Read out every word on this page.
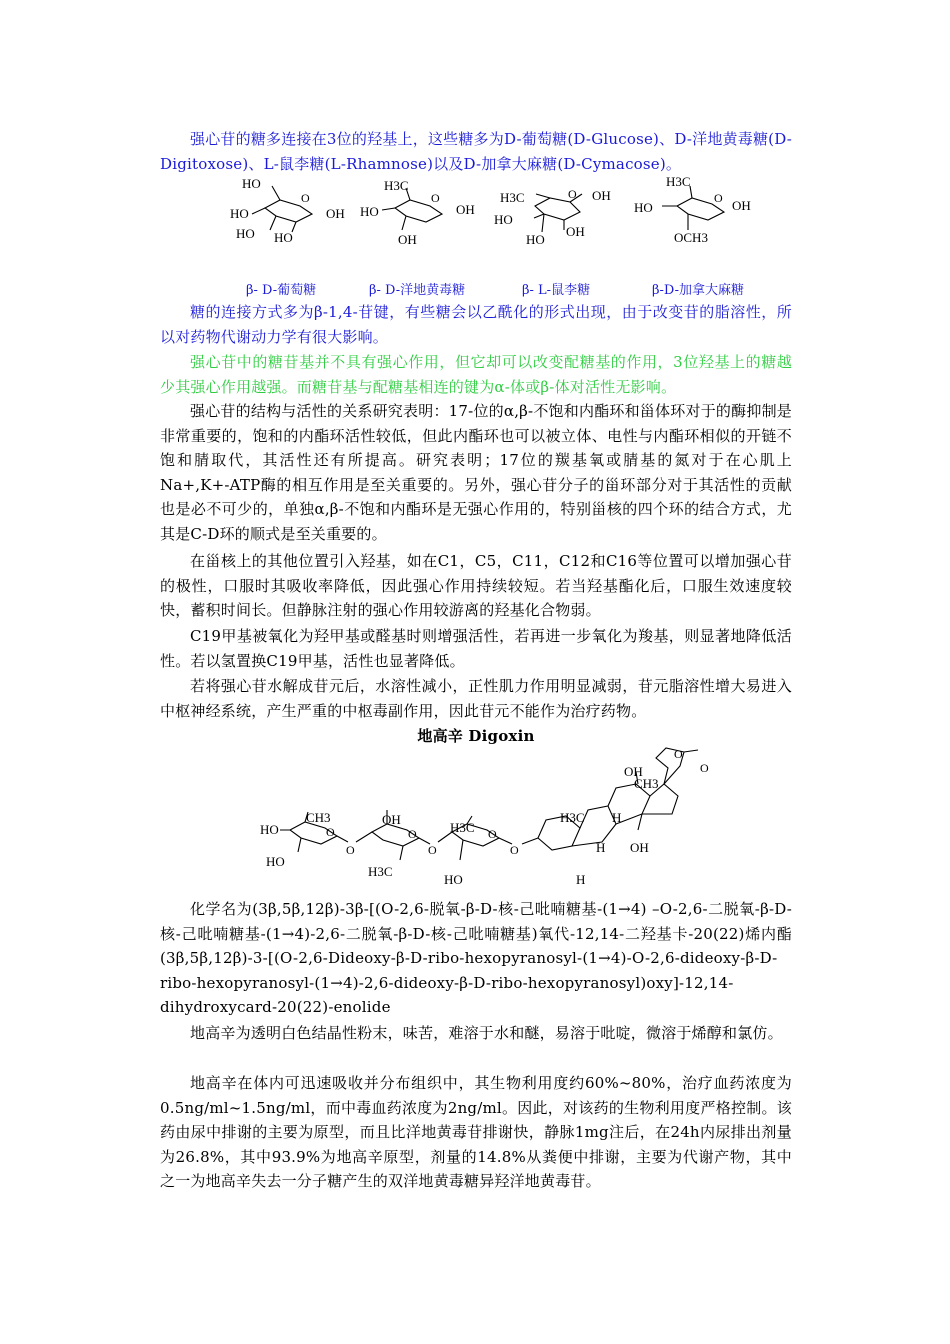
强心苷的糖多连接在3位的羟基上，这些糖多为D-葡萄糖(D-Glucose)、D-洋地黄毒糖(D-Digitoxose)、L-鼠李糖(L-Rhamnose)以及D-加拿大麻糖(D-Cymacose)。
HO
HO
HO HO
O
OH
H3C
HO
OH
O
OH
H3C
HO
HO
OH
O OH
H3C
HO
OCH3
O OH
β- D-葡萄糖	β- D-洋地黄毒糖	β- L-鼠李糖	β-D-加拿大麻糖
糖的连接方式多为β-1,4-苷键，有些糖会以乙酰化的形式出现，由于改变苷的脂溶性，所以对药物代谢动力学有很大影响。
强心苷中的糖苷基并不具有强心作用，但它却可以改变配糖基的作用，3位羟基上的糖越少其强心作用越强。而糖苷基与配糖基相连的键为α-体或β-体对活性无影响。
强心苷的结构与活性的关系研究表明：17-位的α,β-不饱和内酯环和甾体环对于的酶抑制是非常重要的，饱和的内酯环活性较低，但此内酯环也可以被立体、电性与内酯环相似的开链不饱和腈取代，其活性还有所提高。研究表明；17位的羰基氧或腈基的氮对于在心肌上Na+,K+-ATP酶的相互作用是至关重要的。另外，强心苷分子的甾环部分对于其活性的贡献也是必不可少的，单独α,β-不饱和内酯环是无强心作用的，特别甾核的四个环的结合方式，尤其是C-D环的顺式是至关重要的。
在甾核上的其他位置引入羟基，如在C1，C5，C11，C12和C16等位置可以增加强心苷的极性，口服时其吸收率降低，因此强心作用持续较短。若当羟基酯化后，口服生效速度较快，蓄积时间长。但静脉注射的强心作用较游离的羟基化合物弱。
C19甲基被氧化为羟甲基或醛基时则增强活性，若再进一步氧化为羧基，则显著地降低活性。若以氢置换C19甲基，活性也显著降低。
若将强心苷水解成苷元后，水溶性减小，正性肌力作用明显减弱，苷元脂溶性增大易进入中枢神经系统，产生严重的中枢毒副作用，因此苷元不能作为治疗药物。
地高辛 Digoxin
HO
HO
CH3
O
O
OH
H3C
O
O
H3C
HO
O
O
H3C
OH
CH3
H
H OH
H
O
O
化学名为(3β,5β,12β)-3β-[(O-2,6-脱氧-β-D-核-己吡喃糖基-(1→4) –O-2,6-二脱氧-β-D-核-己吡喃糖基-(1→4)-2,6-二脱氧-β-D-核-己吡喃糖基)氧代-12,14-二羟基卡-20(22)烯内酯 (3β,5β,12β)-3-[(O-2,6-Dideoxy-β-D-ribo-hexopyranosyl-(1→4)-O-2,6-dideoxy-β-D-ribo-hexopyranosyl-(1→4)-2,6-dideoxy-β-D-ribo-hexopyranosyl)oxy]-12,14-dihydroxycard-20(22)-enolide
地高辛为透明白色结晶性粉末，味苦，难溶于水和醚，易溶于吡啶，微溶于烯醇和氯仿。
地高辛在体内可迅速吸收并分布组织中，其生物利用度约60%~80%，治疗血药浓度为0.5ng/ml~1.5ng/ml，而中毒血药浓度为2ng/ml。因此，对该药的生物利用度严格控制。该药由尿中排谢的主要为原型，而且比洋地黄毒苷排谢快，静脉1mg注后，在24h内尿排出剂量为26.8%，其中93.9%为地高辛原型，剂量的14.8%从粪便中排谢，主要为代谢产物，其中之一为地高辛失去一分子糖产生的双洋地黄毒糖异羟洋地黄毒苷。
